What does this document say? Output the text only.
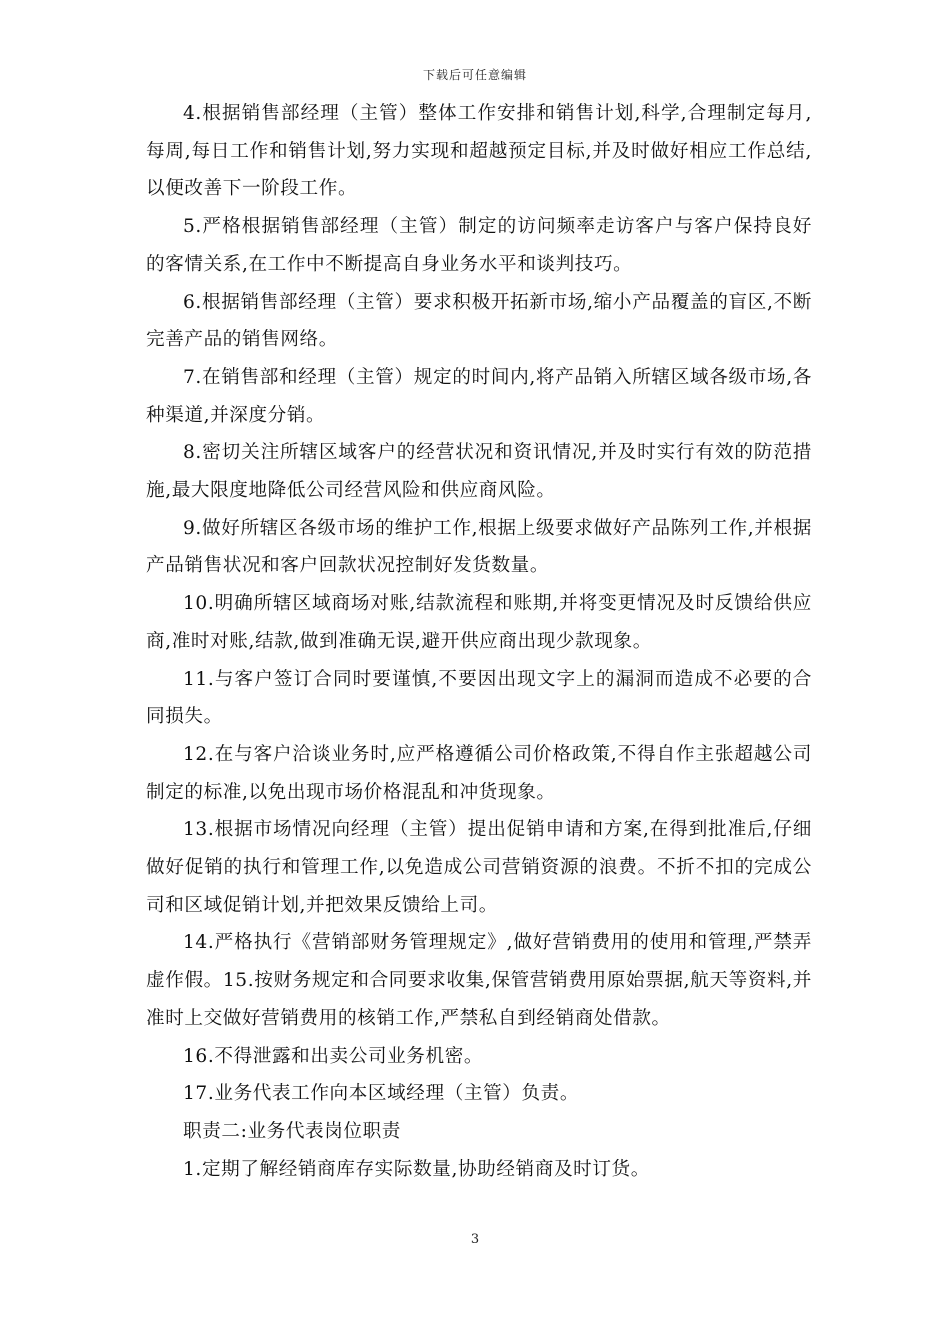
下载后可任意编辑

4.根据销售部经理（主管）整体工作安排和销售计划,科学,合理制定每月,每周,每日工作和销售计划,努力实现和超越预定目标,并及时做好相应工作总结,以便改善下一阶段工作。

5.严格根据销售部经理（主管）制定的访问频率走访客户与客户保持良好的客情关系,在工作中不断提高自身业务水平和谈判技巧。

6.根据销售部经理（主管）要求积极开拓新市场,缩小产品覆盖的盲区,不断完善产品的销售网络。

7.在销售部和经理（主管）规定的时间内,将产品销入所辖区域各级市场,各种渠道,并深度分销。

8.密切关注所辖区域客户的经营状况和资讯情况,并及时实行有效的防范措施,最大限度地降低公司经营风险和供应商风险。

9.做好所辖区各级市场的维护工作,根据上级要求做好产品陈列工作,并根据产品销售状况和客户回款状况控制好发货数量。

10.明确所辖区域商场对账,结款流程和账期,并将变更情况及时反馈给供应商,准时对账,结款,做到准确无误,避开供应商出现少款现象。

11.与客户签订合同时要谨慎,不要因出现文字上的漏洞而造成不必要的合同损失。

12.在与客户洽谈业务时,应严格遵循公司价格政策,不得自作主张超越公司制定的标准,以免出现市场价格混乱和冲货现象。

13.根据市场情况向经理（主管）提出促销申请和方案,在得到批准后,仔细做好促销的执行和管理工作,以免造成公司营销资源的浪费。不折不扣的完成公司和区域促销计划,并把效果反馈给上司。

14.严格执行《营销部财务管理规定》,做好营销费用的使用和管理,严禁弄虚作假。15.按财务规定和合同要求收集,保管营销费用原始票据,航天等资料,并准时上交做好营销费用的核销工作,严禁私自到经销商处借款。

16.不得泄露和出卖公司业务机密。

17.业务代表工作向本区域经理（主管）负责。

职责二:业务代表岗位职责

1.定期了解经销商库存实际数量,协助经销商及时订货。

3
